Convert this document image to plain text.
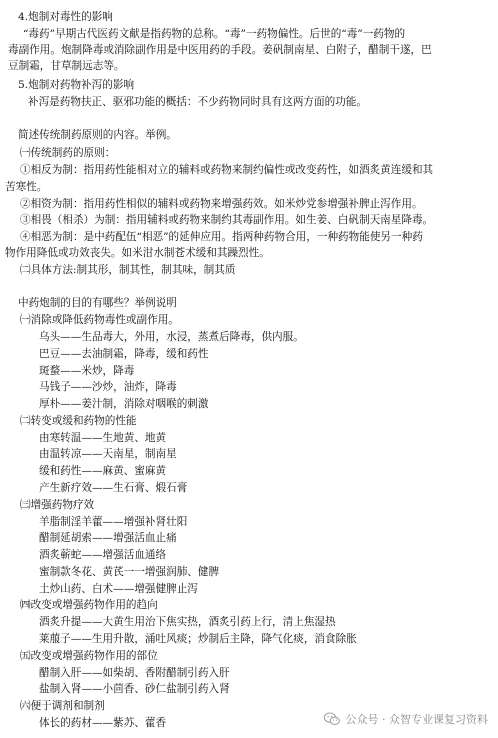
4.炮制对毒性的影响
“毒药”早期古代医药文献是指药物的总称。“毒”一药物偏性。后世的“毒”一药物的
毒副作用。炮制降毒或消除副作用是中医用药的手段。姜矾制南星、白附子，醋制干遂，巴
豆制霜，甘草制远志等。
5.炮制对药物补泻的影响
补泻是药物扶正、驱邪功能的概括：不少药物同时具有这两方面的功能。
简述传统制药原则的内容。举例。
㈠传统制药的原则：
①相反为制：指用药性能相对立的辅料或药物来制约偏性或改变药性，如酒炙黄连缓和其
苦寒性。
②相资为制：指用药性相似的辅料或药物来增强药效。如米炒党参增强补脾止泻作用。
③相畏（相杀）为制：指用辅料或药物来制约其毒副作用。如生姜、白矾制天南星降毒。
④相恶为制：是中药配伍“相恶”的延伸应用。指两种药物合用，一种药物能使另一种药
物作用降低或功效丧失。如米泔水制苍术缓和其躁烈性。
㈡具体方法:制其形，制其性，制其味，制其质
中药炮制的目的有哪些？举例说明
㈠消除或降低药物毒性或副作用。
乌头——生品毒大，外用，水浸，蒸煮后降毒，供内服。
巴豆——去油制霜，降毒，缓和药性
斑蝥——米炒，降毒
马钱子——沙炒，油炸，降毒
厚朴——姜汁制，消除对咽喉的刺激
㈡转变或缓和药物的性能
由寒转温——生地黄、地黄
由温转凉——天南星，制南星
缓和药性——麻黄、蜜麻黄
产生新疗效——生石膏、煅石膏
㈢增强药物疗效
羊脂制淫羊藿——增强补肾壮阳
醋制延胡索——增强活血止痛
酒炙蕲蛇——增强活血通络
蜜制款冬花、黄芪一一增强润肺、健脾
土炒山药、白术——增强健脾止泻
㈣改变或增强药物作用的趋向
酒炙升提——大黄生用治下焦实热，酒炙引药上行，清上焦湿热
莱菔子——生用升散，涌吐风痰；炒制后主降，降气化痰，消食除胀
㈤改变或增强药物作用的部位
醋制入肝——如柴胡、香附醋制引药入肝
盐制入肾——小茴香、砂仁盐制引药入肾
㈥便于调剂和制剂
体长的药材——紫苏、藿香	公众号 · 众智专业课复习资料
